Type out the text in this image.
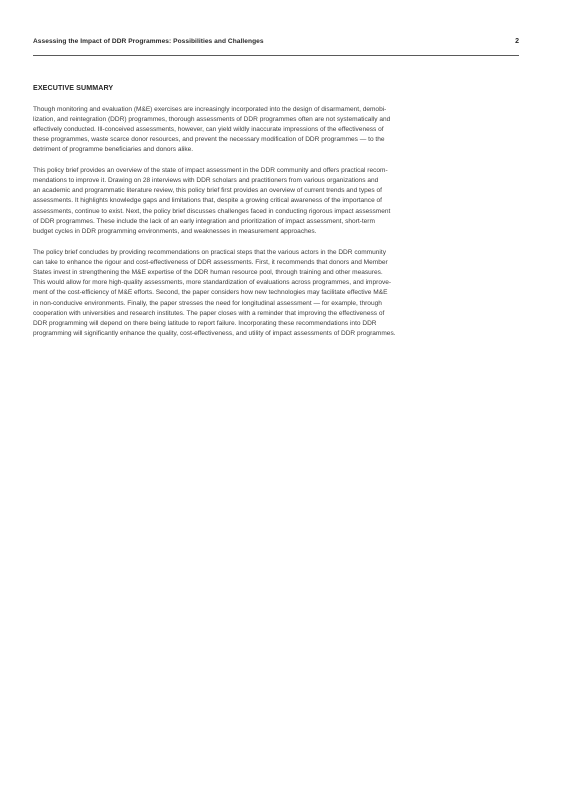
Assessing the Impact of DDR Programmes: Possibilities and Challenges	2
EXECUTIVE SUMMARY
Though monitoring and evaluation (M&E) exercises are increasingly incorporated into the design of disarmament, demobi-
lization, and reintegration (DDR) programmes, thorough assessments of DDR programmes often are not systematically and
effectively conducted. Ill-conceived assessments, however, can yield wildly inaccurate impressions of the effectiveness of
these programmes, waste scarce donor resources, and prevent the necessary modification of DDR programmes — to the
detriment of programme beneficiaries and donors alike.
This policy brief provides an overview of the state of impact assessment in the DDR community and offers practical recom-
mendations to improve it. Drawing on 28 interviews with DDR scholars and practitioners from various organizations and
an academic and programmatic literature review, this policy brief first provides an overview of current trends and types of
assessments. It highlights knowledge gaps and limitations that, despite a growing critical awareness of the importance of
assessments, continue to exist. Next, the policy brief discusses challenges faced in conducting rigorous impact assessment
of DDR programmes. These include the lack of an early integration and prioritization of impact assessment, short-term
budget cycles in DDR programming environments, and weaknesses in measurement approaches.
The policy brief concludes by providing recommendations on practical steps that the various actors in the DDR community
can take to enhance the rigour and cost-effectiveness of DDR assessments. First, it recommends that donors and Member
States invest in strengthening the M&E expertise of the DDR human resource pool, through training and other measures.
This would allow for more high-quality assessments, more standardization of evaluations across programmes, and improve-
ment of the cost-efficiency of M&E efforts. Second, the paper considers how new technologies may facilitate effective M&E
in non-conducive environments. Finally, the paper stresses the need for longitudinal assessment — for example, through
cooperation with universities and research institutes. The paper closes with a reminder that improving the effectiveness of
DDR programming will depend on there being latitude to report failure. Incorporating these recommendations into DDR
programming will significantly enhance the quality, cost-effectiveness, and utility of impact assessments of DDR programmes.
